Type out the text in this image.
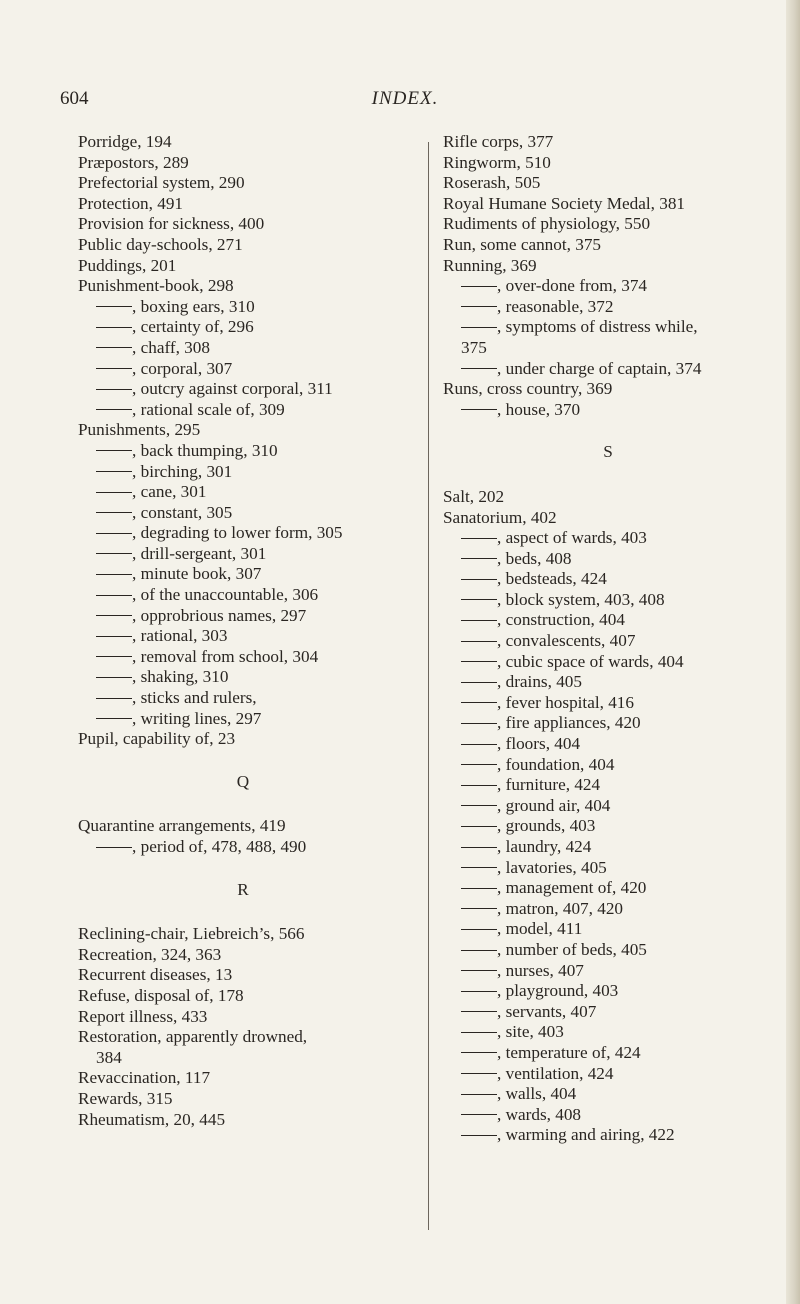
604	INDEX.
Porridge, 194
Præpostors, 289
Prefectorial system, 290
Protection, 491
Provision for sickness, 400
Public day-schools, 271
Puddings, 201
Punishment-book, 298
, boxing ears, 310
, certainty of, 296
, chaff, 308
, corporal, 307
, outcry against corporal, 311
, rational scale of, 309
Punishments, 295
, back thumping, 310
, birching, 301
, cane, 301
, constant, 305
, degrading to lower form, 305
, drill-sergeant, 301
, minute book, 307
, of the unaccountable, 306
, opprobrious names, 297
, rational, 303
, removal from school, 304
, shaking, 310
, sticks and rulers,
, writing lines, 297
Pupil, capability of, 23
Q
Quarantine arrangements, 419
, period of, 478, 488, 490
R
Reclining-chair, Liebreich’s, 566
Recreation, 324, 363
Recurrent diseases, 13
Refuse, disposal of, 178
Report illness, 433
Restoration, apparently drowned,
384
Revaccination, 117
Rewards, 315
Rheumatism, 20, 445
Rifle corps, 377
Ringworm, 510
Roserash, 505
Royal Humane Society Medal, 381
Rudiments of physiology, 550
Run, some cannot, 375
Running, 369
, over-done from, 374
, reasonable, 372
, symptoms of distress while,
375
, under charge of captain, 374
Runs, cross country, 369
, house, 370
S
Salt, 202
Sanatorium, 402
, aspect of wards, 403
, beds, 408
, bedsteads, 424
, block system, 403, 408
, construction, 404
, convalescents, 407
, cubic space of wards, 404
, drains, 405
, fever hospital, 416
, fire appliances, 420
, floors, 404
, foundation, 404
, furniture, 424
, ground air, 404
, grounds, 403
, laundry, 424
, lavatories, 405
, management of, 420
, matron, 407, 420
, model, 411
, number of beds, 405
, nurses, 407
, playground, 403
, servants, 407
, site, 403
, temperature of, 424
, ventilation, 424
, walls, 404
, wards, 408
, warming and airing, 422
